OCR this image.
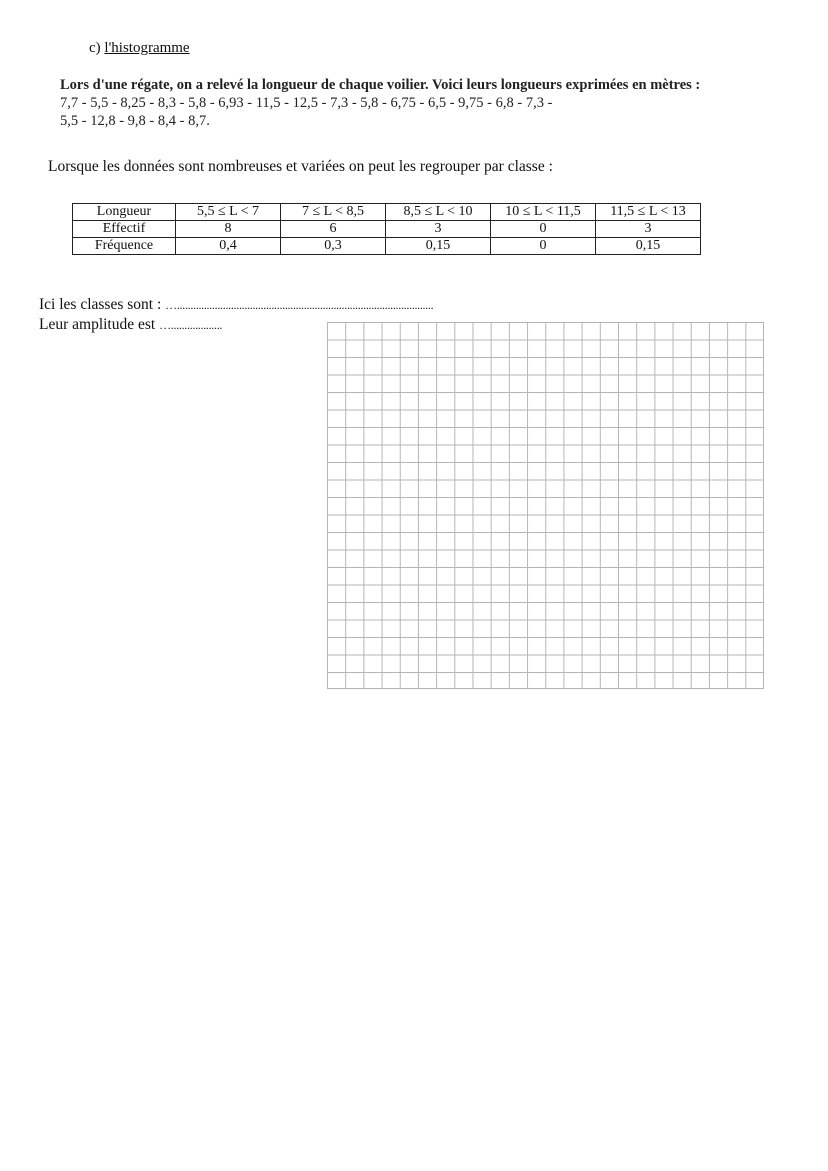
c) l'histogramme
Lors d'une régate, on a relevé la longueur de chaque voilier. Voici leurs longueurs exprimées en mètres :
7,7 - 5,5 - 8,25 - 8,3 - 5,8 - 6,93 - 11,5 - 12,5 - 7,3 - 5,8 - 6,75 - 6,5 - 9,75 - 6,8 - 7,3 -
5,5 - 12,8 - 9,8 - 8,4 - 8,7.
Lorsque les données sont nombreuses et variées on peut les regrouper par classe :
Longueur	5,5 ≤ L < 7	7 ≤ L < 8,5	8,5 ≤ L < 10	10 ≤ L < 11,5	11,5 ≤ L < 13
Effectif	8	6	3	0	3
Fréquence	0,4	0,3	0,15	0	0,15
Ici les classes sont : …...............................................................................................
Leur amplitude est …...................
